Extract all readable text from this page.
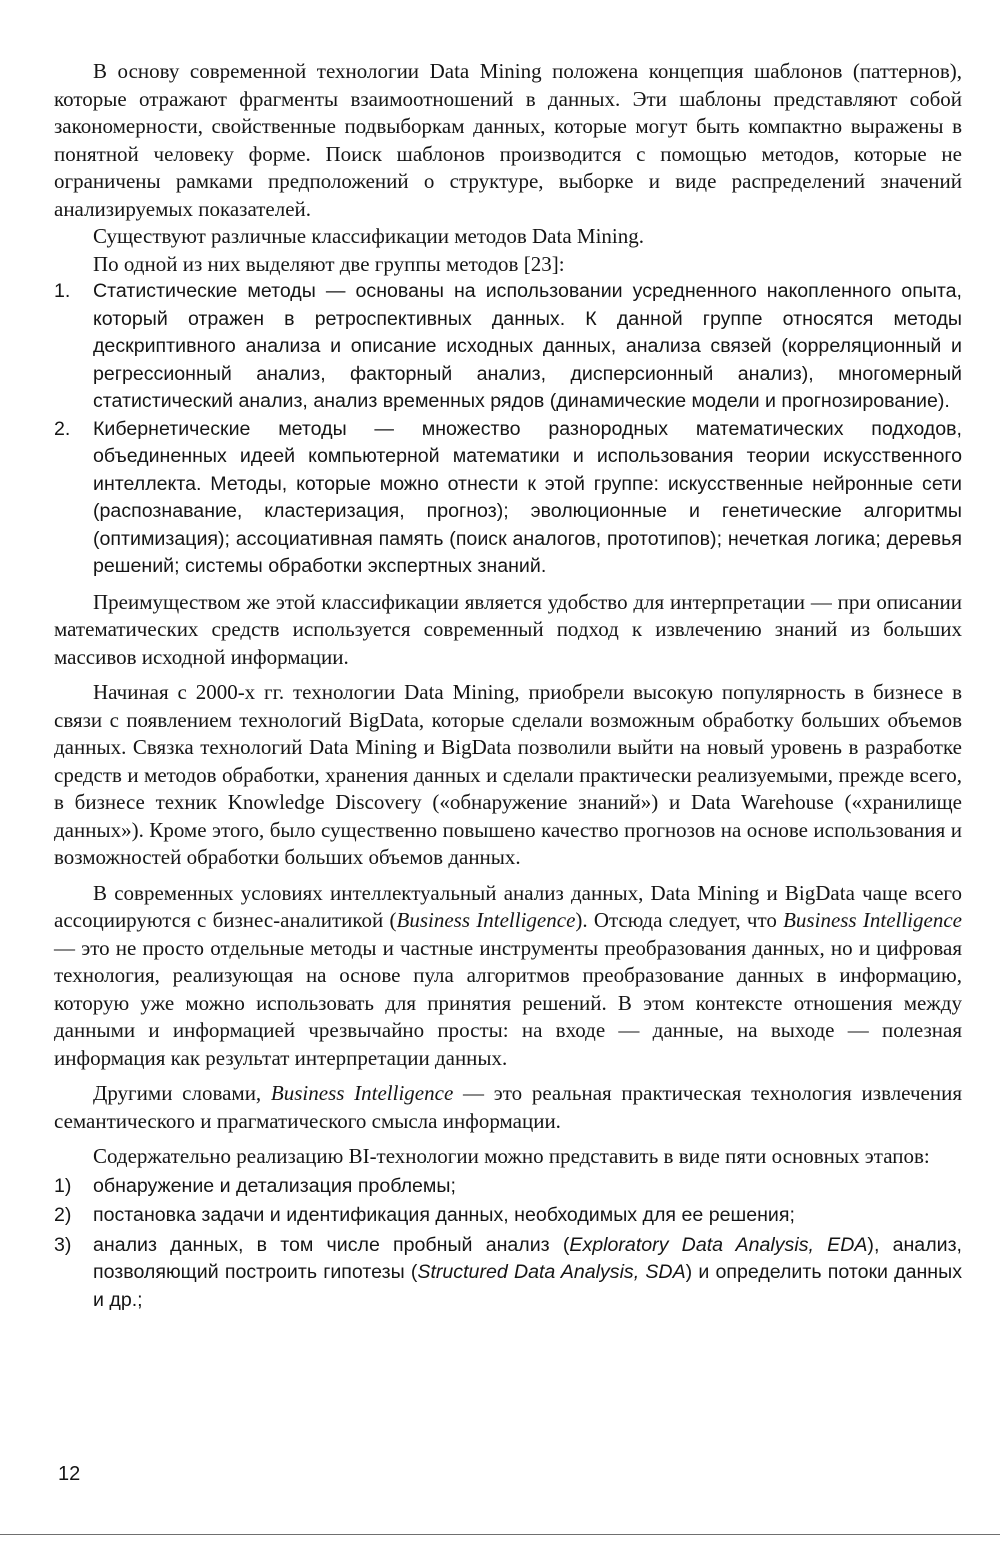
В основу современной технологии Data Mining положена концепция шаблонов (паттернов), которые отражают фрагменты взаимоотношений в данных. Эти шаблоны представляют собой закономерности, свойственные подвыборкам данных, которые могут быть компактно выражены в понятной человеку форме. Поиск шаблонов производится с помощью методов, которые не ограничены рамками предположений о структуре, выборке и виде распределений значений анализируемых показателей.

Существуют различные классификации методов Data Mining.

По одной из них выделяют две группы методов [23]:

1.	Статистические методы — основаны на использовании усредненного накопленного опыта, который отражен в ретроспективных данных. К данной группе относятся методы дескриптивного анализа и описание исходных данных, анализа связей (корреляционный и регрессионный анализ, факторный анализ, дисперсионный анализ), многомерный статистический анализ, анализ временных рядов (динамические модели и прогнозирование).
2.	Кибернетические методы — множество разнородных математических подходов, объединенных идеей компьютерной математики и использования теории искусственного интеллекта. Методы, которые можно отнести к этой группе: искусственные нейронные сети (распознавание, кластеризация, прогноз); эволюционные и генетические алгоритмы (оптимизация); ассоциативная память (поиск аналогов, прототипов); нечеткая логика; деревья решений; системы обработки экспертных знаний.

Преимуществом же этой классификации является удобство для интерпретации — при описании математических средств используется современный подход к извлечению знаний из больших массивов исходной информации.

Начиная с 2000-х гг. технологии Data Mining, приобрели высокую популярность в бизнесе в связи с появлением технологий BigData, которые сделали возможным обработку больших объемов данных. Связка технологий Data Mining и BigData позволили выйти на новый уровень в разработке средств и методов обработки, хранения данных и сделали практически реализуемыми, прежде всего, в бизнесе техник Knowledge Discovery («обнаружение знаний») и Data Warehouse («хранилище данных»). Кроме этого, было существенно повышено качество прогнозов на основе использования и возможностей обработки больших объемов данных.

В современных условиях интеллектуальный анализ данных, Data Mining и BigData чаще всего ассоциируются с бизнес-аналитикой (Business Intelligence). Отсюда следует, что Business Intelligence — это не просто отдельные методы и частные инструменты преобразования данных, но и цифровая технология, реализующая на основе пула алгоритмов преобразование данных в информацию, которую уже можно использовать для принятия решений. В этом контексте отношения между данными и информацией чрезвычайно просты: на входе — данные, на выходе — полезная информация как результат интерпретации данных.

Другими словами, Business Intelligence — это реальная практическая технология извлечения семантического и прагматического смысла информации.

Содержательно реализацию BI-технологии можно представить в виде пяти основных этапов:

1)	обнаружение и детализация проблемы;
2)	постановка задачи и идентификация данных, необходимых для ее решения;
3)	анализ данных, в том числе пробный анализ (Exploratory Data Analysis, EDA), анализ, позволяющий построить гипотезы (Structured Data Analysis, SDA) и определить потоки данных и др.;
12
